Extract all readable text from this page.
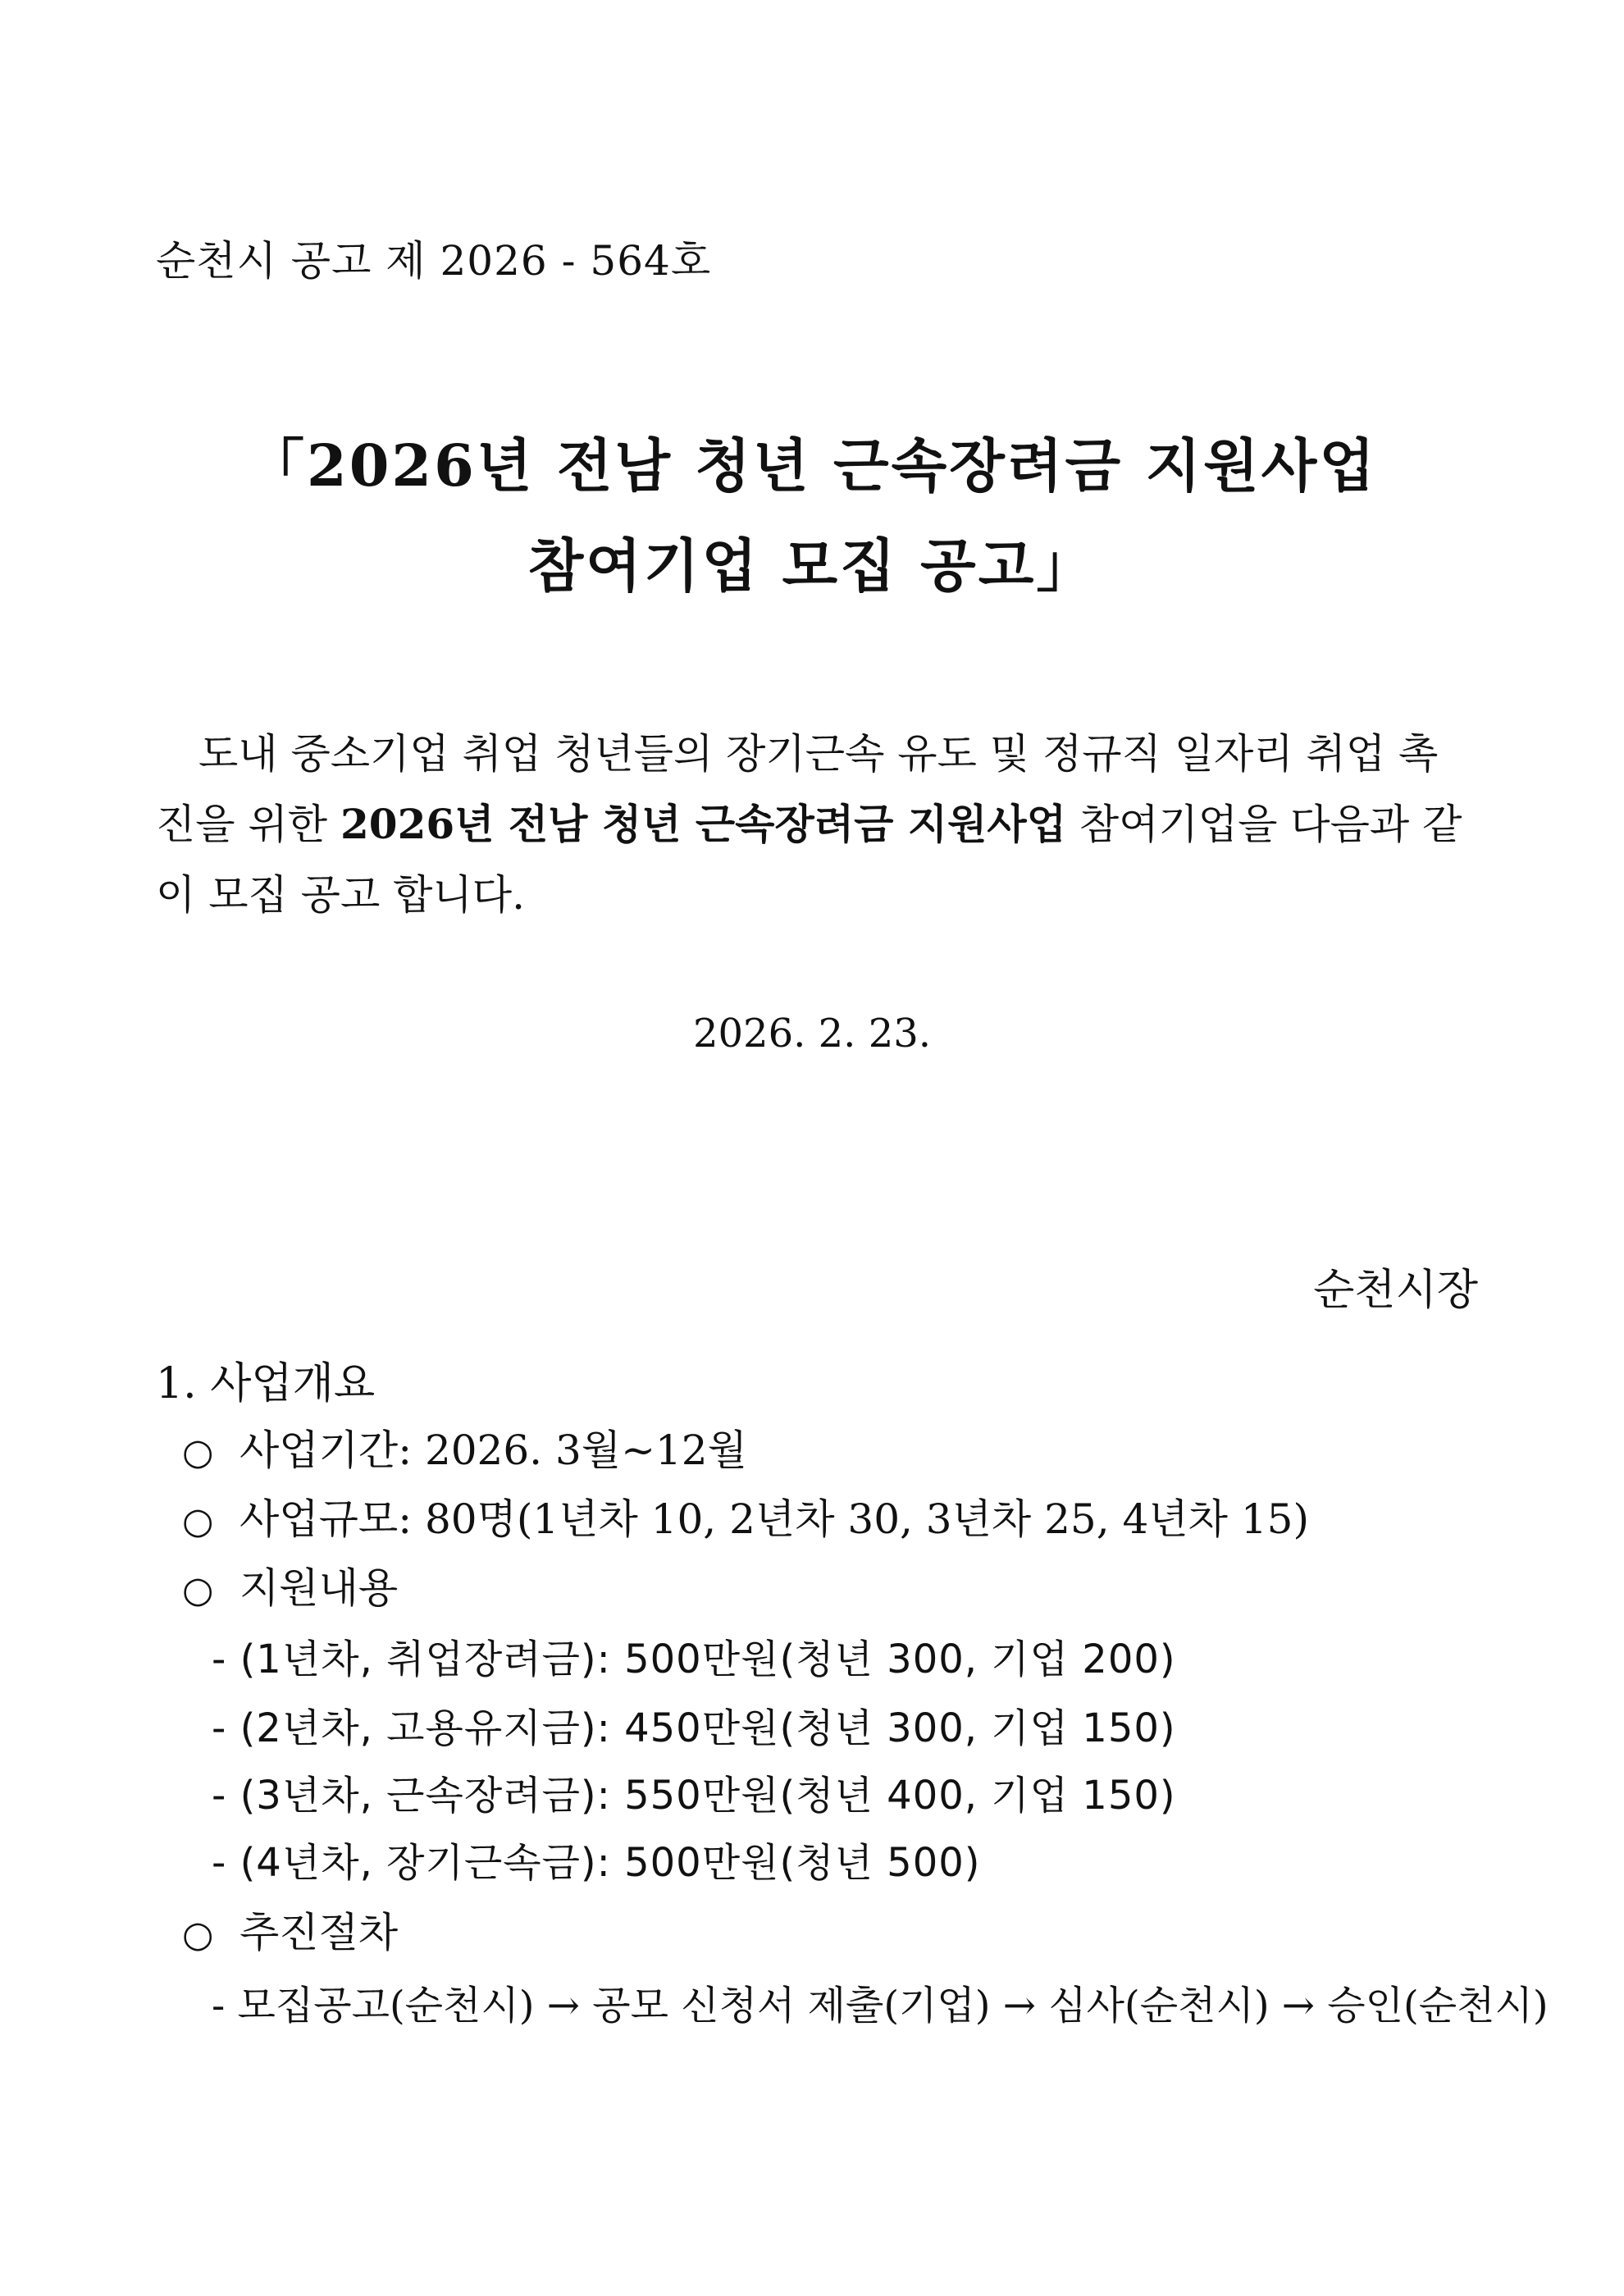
순천시 공고 제 2026 - 564호
「2026년 전남 청년 근속장려금 지원사업
참여기업 모집 공고」
도내 중소기업 취업 청년들의 장기근속 유도 및 정규직 일자리 취업 촉진을 위한 2026년 전남 청년 근속장려금 지원사업 참여기업을 다음과 같이 모집 공고 합니다.
2026. 2. 23.
순천시장
1. 사업개요
○ 사업기간: 2026. 3월~12월
○ 사업규모: 80명(1년차 10, 2년차 30, 3년차 25, 4년차 15)
○ 지원내용
- (1년차, 취업장려금): 500만원(청년 300, 기업 200)
- (2년차, 고용유지금): 450만원(청년 300, 기업 150)
- (3년차, 근속장려금): 550만원(청년 400, 기업 150)
- (4년차, 장기근속금): 500만원(청년 500)
○ 추진절차
- 모집공고(순천시) → 공모 신청서 제출(기업) → 심사(순천시) → 승인(순천시)
